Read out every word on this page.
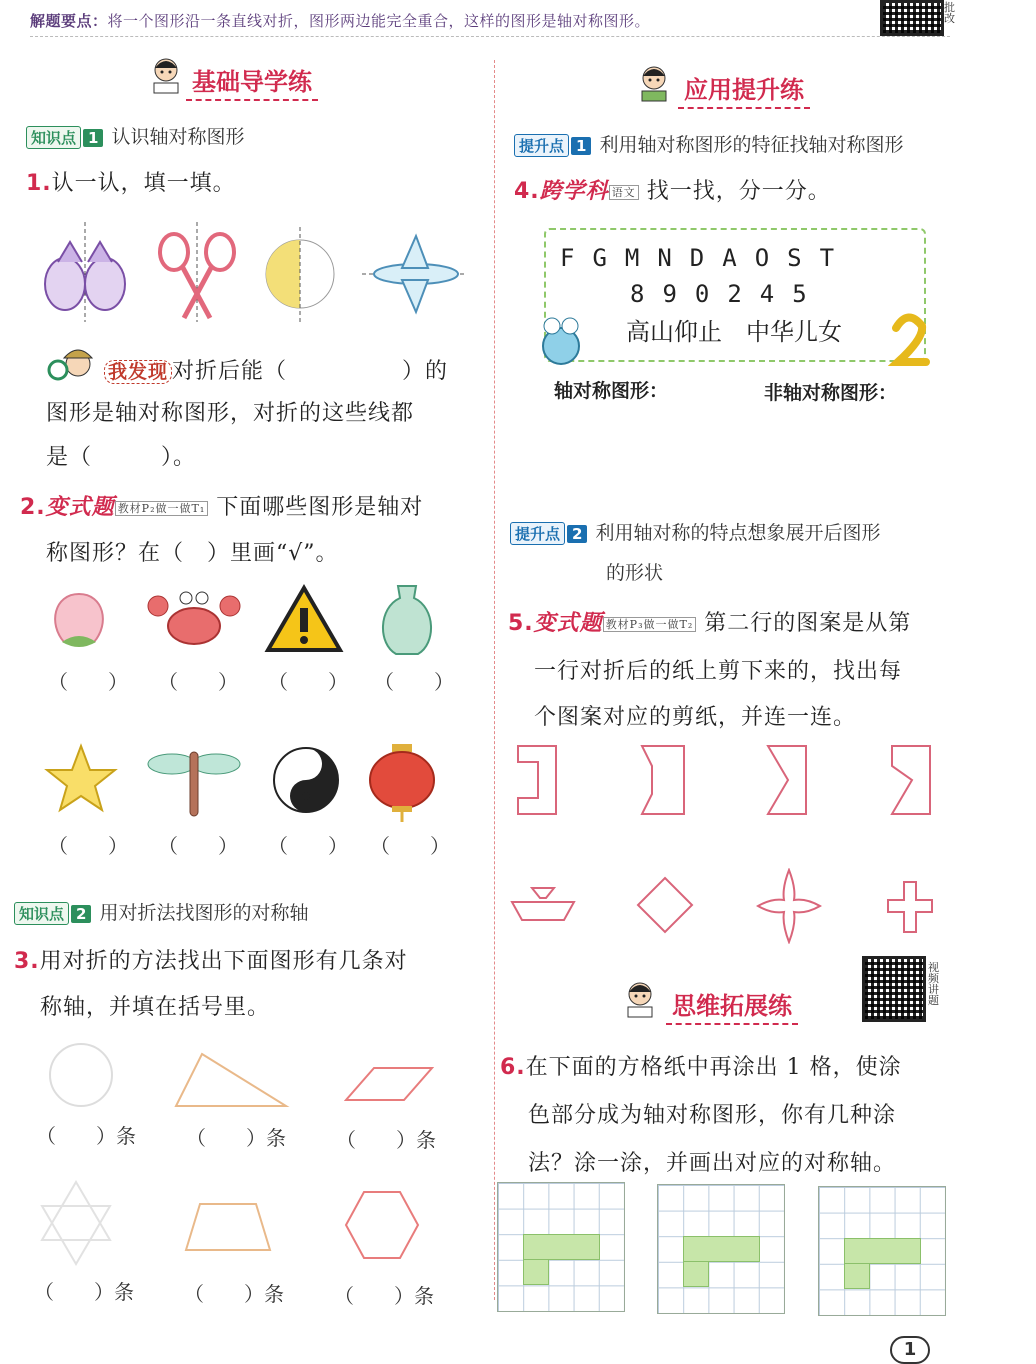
解题要点：将一个图形沿一条直线对折，图形两边能完全重合，这样的图形是轴对称图形。
批改
基础导学练
知识点 1 认识轴对称图形
1.认一认，填一填。
我发现 对折后能（　　　　　）的
图形是轴对称图形，对折的这些线都
是（　　　）。
2.变式题 教材P₂做一做T₁ 下面哪些图形是轴对
称图形？在（　）里画“√”。
（　　） （　　） （　　） （　　）
（　　） （　　） （　　） （　　）
知识点 2 用对折法找图形的对称轴
3.用对折的方法找出下面图形有几条对
称轴，并填在括号里。
（　　）条	（　　）条	（　　）条
（　　）条	（　　）条	（　　）条
应用提升练
提升点 1 利用轴对称图形的特征找轴对称图形
4.跨学科 语文 找一找，分一分。
FGMNDAOST
890245
高山仰止　中华儿女
轴对称图形：	非轴对称图形：
提升点 2 利用轴对称的特点想象展开后图形
的形状
5.变式题 教材P₃做一做T₂ 第二行的图案是从第
一行对折后的纸上剪下来的，找出每
个图案对应的剪纸，并连一连。
思维拓展练
视频讲题
6.在下面的方格纸中再涂出 1 格，使涂
色部分成为轴对称图形，你有几种涂
法？涂一涂，并画出对应的对称轴。
1
